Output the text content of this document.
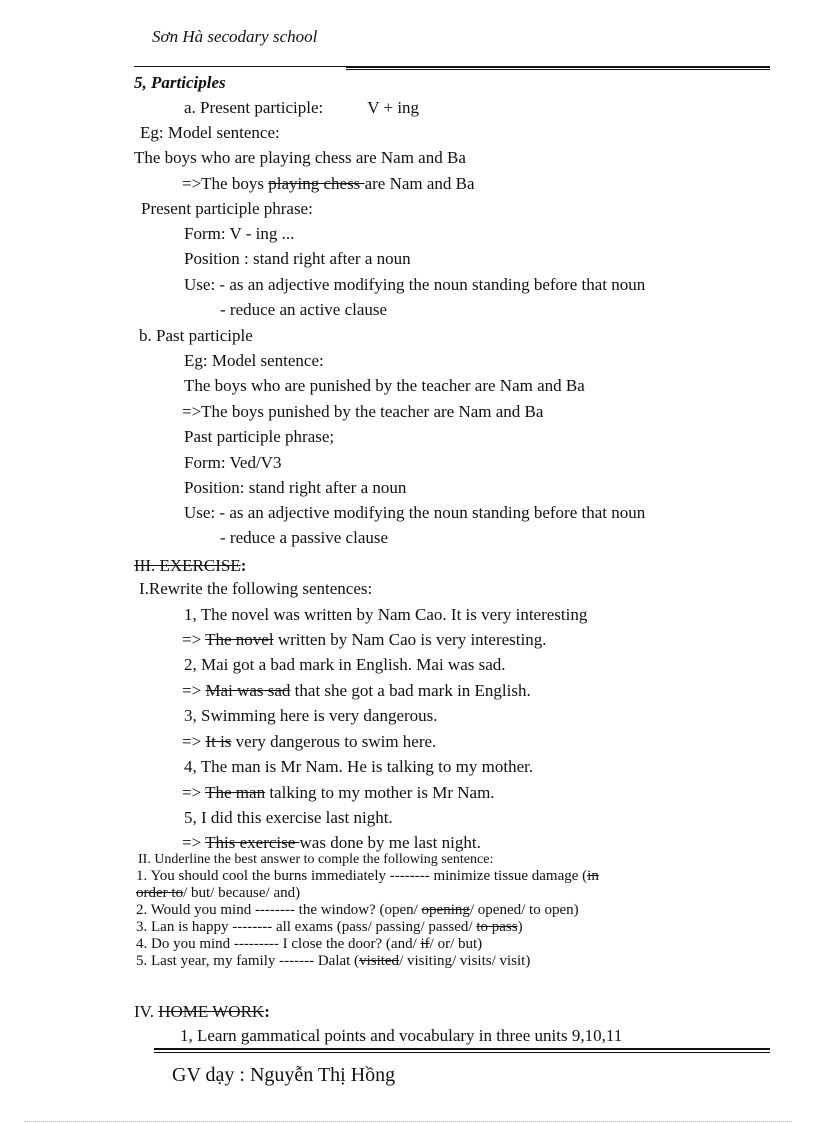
Sơn Hà secodary school
5, Participles
a. Present participle:	V + ing
Eg: Model sentence:
The boys who are playing chess are Nam and Ba
=>The boys playing chess are Nam and Ba
Present participle phrase:
Form: V - ing ...
Position : stand right after a noun
Use: - as an adjective modifying the noun standing before that noun
- reduce an active clause
b. Past participle
Eg: Model sentence:
The boys who are punished by the teacher are Nam and Ba
=>The boys punished by the teacher are Nam and Ba
Past participle phrase;
Form: Ved/V3
Position: stand right after a noun
Use: - as an adjective modifying the noun standing before that noun
- reduce a passive clause
III. EXERCISE:
I.Rewrite the following sentences:
1, The novel was written by Nam Cao. It is very interesting
=> The novel written by Nam Cao is very interesting.
2, Mai got a bad mark in English. Mai was sad.
=> Mai was sad that she got a bad mark in English.
3, Swimming here is very dangerous.
=> It is very dangerous to swim here.
4, The man is Mr Nam. He is talking to my mother.
=> The man talking to my mother is Mr Nam.
5, I did this exercise last night.
=> This exercise was done by me last night.
II. Underline the best answer to comple the following sentence:
1. You should cool the burns immediately -------- minimize tissue damage (in
order to/ but/ because/ and)
2. Would you mind -------- the window? (open/ opening/ opened/ to open)
3. Lan is happy -------- all exams (pass/ passing/ passed/ to pass)
4. Do you mind --------- I close the door? (and/ if/ or/ but)
5. Last year, my family ------- Dalat (visited/ visiting/ visits/ visit)
IV. HOME WORK:
1, Learn gammatical points and vocabulary in three units 9,10,11
GV dạy : Nguyễn Thị Hồng
